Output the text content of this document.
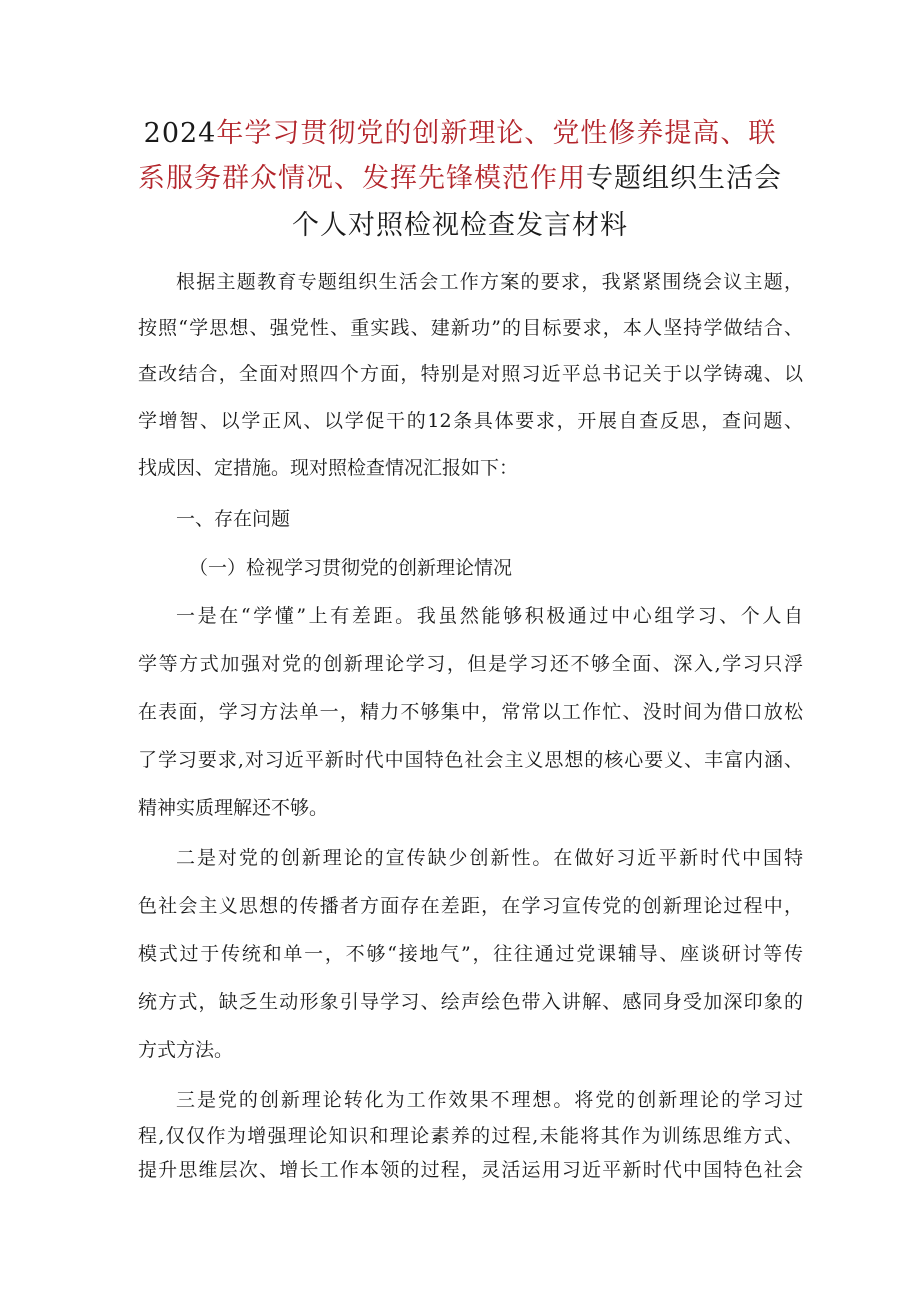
2024年学习贯彻党的创新理论、党性修养提高、联
系服务群众情况、发挥先锋模范作用专题组织生活会
个人对照检视检查发言材料
根据主题教育专题组织生活会工作方案的要求，我紧紧围绕会议主题，
按照“学思想、强党性、重实践、建新功”的目标要求，本人坚持学做结合、
查改结合，全面对照四个方面，特别是对照习近平总书记关于以学铸魂、以
学增智、以学正风、以学促干的12条具体要求，开展自查反思，查问题、
找成因、定措施。现对照检查情况汇报如下：
一、存在问题
（一）检视学习贯彻党的创新理论情况
一是在“学懂”上有差距。我虽然能够积极通过中心组学习、个人自
学等方式加强对党的创新理论学习，但是学习还不够全面、深入,学习只浮
在表面，学习方法单一，精力不够集中，常常以工作忙、没时间为借口放松
了学习要求,对习近平新时代中国特色社会主义思想的核心要义、丰富内涵、
精神实质理解还不够。
二是对党的创新理论的宣传缺少创新性。在做好习近平新时代中国特
色社会主义思想的传播者方面存在差距，在学习宣传党的创新理论过程中，
模式过于传统和单一，不够“接地气”，往往通过党课辅导、座谈研讨等传
统方式，缺乏生动形象引导学习、绘声绘色带入讲解、感同身受加深印象的
方式方法。
三是党的创新理论转化为工作效果不理想。将党的创新理论的学习过
程,仅仅作为增强理论知识和理论素养的过程,未能将其作为训练思维方式、
提升思维层次、增长工作本领的过程，灵活运用习近平新时代中国特色社会
